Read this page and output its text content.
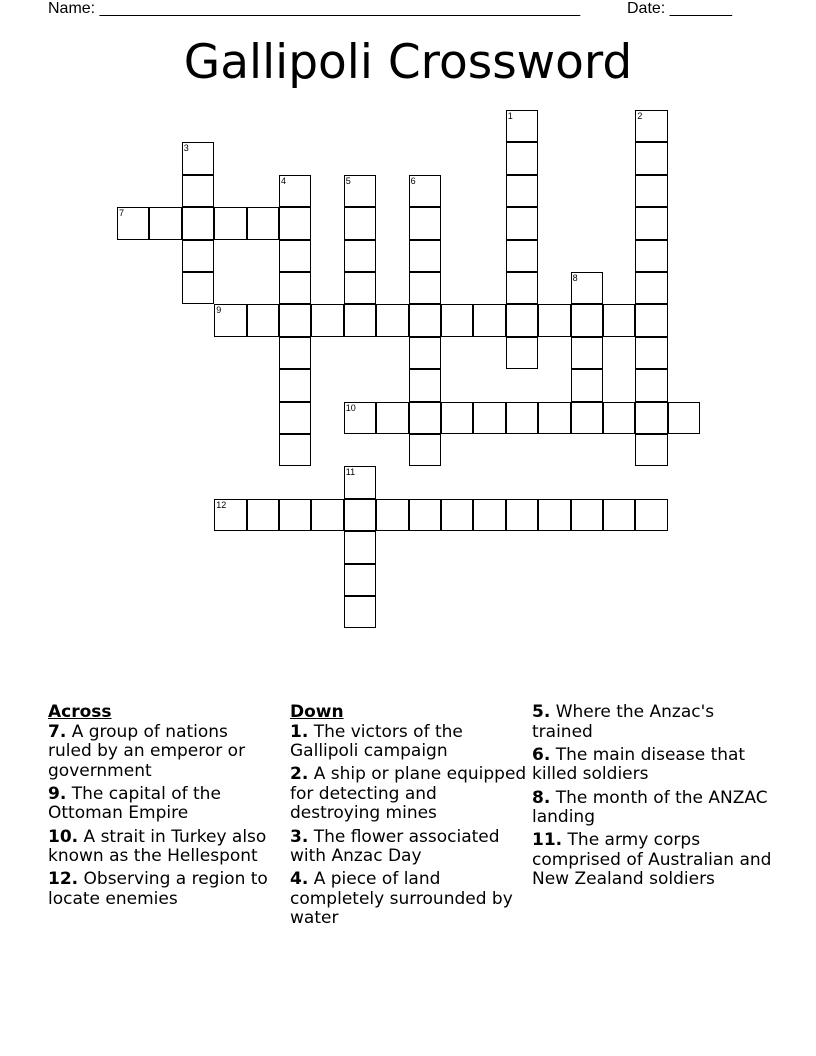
Name: ______________________________________________________	Date: _______
Gallipoli Crossword
1	2
3
4	5	6
7
8
9
10
11
12
Across
7. A group of nations ruled by an emperor or government
9. The capital of the Ottoman Empire
10. A strait in Turkey also known as the Hellespont
12. Observing a region to locate enemies
Down
1. The victors of the Gallipoli campaign
2. A ship or plane equipped for detecting and destroying mines
3. The flower associated with Anzac Day
4. A piece of land completely surrounded by water
5. Where the Anzac's trained
6. The main disease that killed soldiers
8. The month of the ANZAC landing
11. The army corps comprised of Australian and New Zealand soldiers
